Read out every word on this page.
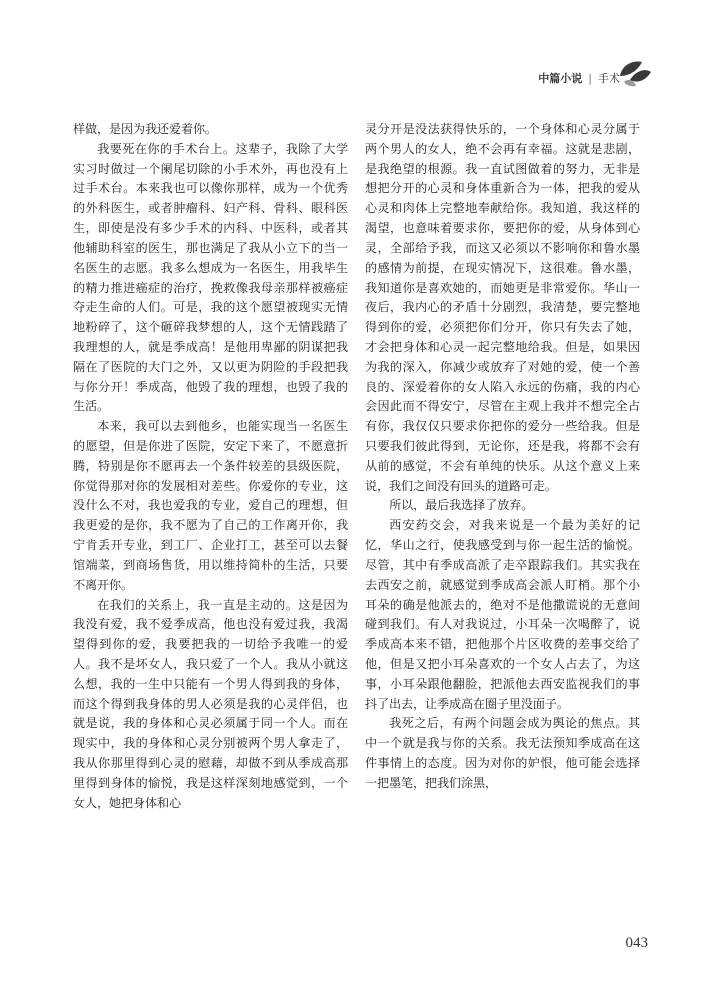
中篇小说 | 手术

样做，是因为我还爱着你。

我要死在你的手术台上。这辈子，我除了大学实习时做过一个阑尾切除的小手术外，再也没有上过手术台。本来我也可以像你那样，成为一个优秀的外科医生，或者肿瘤科、妇产科、骨科、眼科医生，即使是没有多少手术的内科、中医科，或者其他辅助科室的医生，那也满足了我从小立下的当一名医生的志愿。我多么想成为一名医生，用我毕生的精力推进癌症的治疗，挽救像我母亲那样被癌症夺走生命的人们。可是，我的这个愿望被现实无情地粉碎了，这个砸碎我梦想的人，这个无情践踏了我理想的人，就是季成高！是他用卑鄙的阴谋把我隔在了医院的大门之外，又以更为阴险的手段把我与你分开！季成高，他毁了我的理想，也毁了我的生活。

本来，我可以去到他乡，也能实现当一名医生的愿望，但是你进了医院，安定下来了，不愿意折腾，特别是你不愿再去一个条件较差的县级医院，你觉得那对你的发展相对差些。你爱你的专业，这没什么不对，我也爱我的专业，爱自己的理想，但我更爱的是你，我不愿为了自己的工作离开你，我宁肯丢开专业，到工厂、企业打工，甚至可以去餐馆端菜，到商场售货，用以维持简朴的生活，只要不离开你。

在我们的关系上，我一直是主动的。这是因为我没有爱，我不爱季成高，他也没有爱过我，我渴望得到你的爱，我要把我的一切给予我唯一的爱人。我不是坏女人，我只爱了一个人。我从小就这么想，我的一生中只能有一个男人得到我的身体，而这个得到我身体的男人必须是我的心灵伴侣，也就是说，我的身体和心灵必须属于同一个人。而在现实中，我的身体和心灵分别被两个男人拿走了，我从你那里得到心灵的慰藉，却做不到从季成高那里得到身体的愉悦，我是这样深刻地感觉到，一个女人，她把身体和心

灵分开是没法获得快乐的，一个身体和心灵分属于两个男人的女人，绝不会再有幸福。这就是悲剧，是我绝望的根源。我一直试图做着的努力，无非是想把分开的心灵和身体重新合为一体，把我的爱从心灵和肉体上完整地奉献给你。我知道，我这样的渴望，也意味着要求你，要把你的爱，从身体到心灵，全部给予我，而这又必须以不影响你和鲁水墨的感情为前提，在现实情况下，这很难。鲁水墨，我知道你是喜欢她的，而她更是非常爱你。华山一夜后，我内心的矛盾十分剧烈，我清楚，要完整地得到你的爱，必须把你们分开，你只有失去了她，才会把身体和心灵一起完整地给我。但是，如果因为我的深入，你减少或放弃了对她的爱，使一个善良的、深爱着你的女人陷入永远的伤痛，我的内心会因此而不得安宁，尽管在主观上我并不想完全占有你，我仅仅只要求你把你的爱分一些给我。但是只要我们彼此得到，无论你，还是我，将都不会有从前的感觉，不会有单纯的快乐。从这个意义上来说，我们之间没有回头的道路可走。

所以，最后我选择了放弃。

西安药交会，对我来说是一个最为美好的记忆，华山之行，使我感受到与你一起生活的愉悦。尽管，其中有季成高派了走卒跟踪我们。其实我在去西安之前，就感觉到季成高会派人盯梢。那个小耳朵的确是他派去的，绝对不是他撒谎说的无意间碰到我们。有人对我说过，小耳朵一次喝醉了，说季成高本来不错，把他那个片区收费的差事交给了他，但是又把小耳朵喜欢的一个女人占去了，为这事，小耳朵跟他翻脸，把派他去西安监视我们的事抖了出去，让季成高在圈子里没面子。

我死之后，有两个问题会成为舆论的焦点。其中一个就是我与你的关系。我无法预知季成高在这件事情上的态度。因为对你的妒恨，他可能会选择一把墨笔，把我们涂黑，

043
